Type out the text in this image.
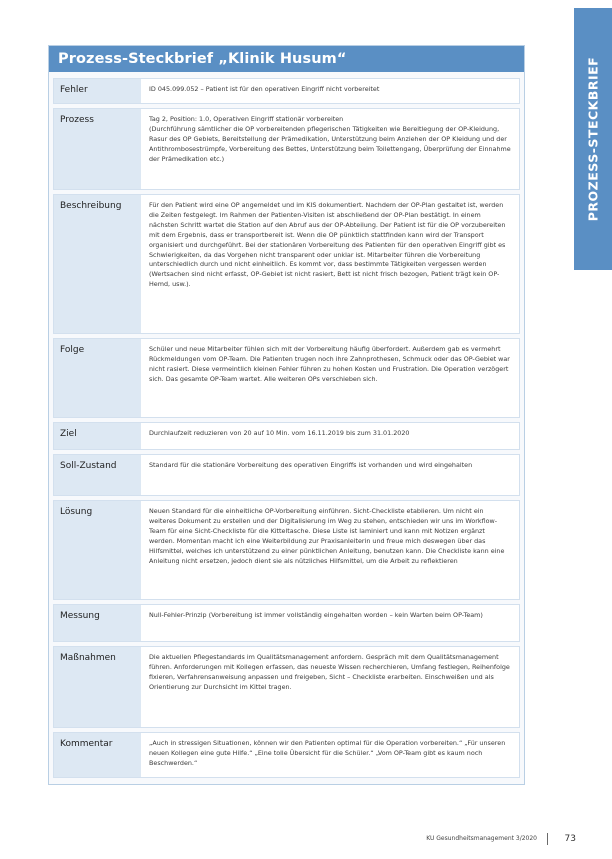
PROZESS-STECKBRIEF
Prozess-Steckbrief „Klinik Husum“
Fehler	ID 045.099.052 – Patient ist für den operativen Eingriff nicht vorbereitet
Prozess	Tag 2, Position: 1.0, Operativen Eingriff stationär vorbereiten
(Durchführung sämtlicher die OP vorbereitenden pflegerischen Tätigkeiten wie Bereitlegung der OP-Kleidung, Rasur des OP Gebiets, Bereitstellung der Prämedikation, Unterstützung beim Anziehen der OP Kleidung und der Antithrombosestrümpfe, Vorbereitung des Bettes, Unterstützung beim Toilettengang, Überprüfung der Einnahme der Prämedikation etc.)
Beschreibung	Für den Patient wird eine OP angemeldet und im KIS dokumentiert. Nachdem der OP-Plan gestaltet ist, werden die Zeiten festgelegt. Im Rahmen der Patienten-Visiten ist abschließend der OP-Plan bestätigt. In einem nächsten Schritt wartet die Station auf den Abruf aus der OP-Abteilung. Der Patient ist für die OP vorzubereiten mit dem Ergebnis, dass er transportbereit ist. Wenn die OP pünktlich stattfinden kann wird der Transport organisiert und durchgeführt. Bei der stationären Vorbereitung des Patienten für den operativen Eingriff gibt es Schwierigkeiten, da das Vorgehen nicht transparent oder unklar ist. Mitarbeiter führen die Vorbereitung unterschiedlich durch und nicht einheitlich. Es kommt vor, dass bestimmte Tätigkeiten vergessen werden (Wertsachen sind nicht erfasst, OP-Gebiet ist nicht rasiert, Bett ist nicht frisch bezogen, Patient trägt kein OP-Hemd, usw.).
Folge	Schüler und neue Mitarbeiter fühlen sich mit der Vorbereitung häufig überfordert. Außerdem gab es vermehrt Rückmeldungen vom OP-Team. Die Patienten trugen noch ihre Zahnprothesen, Schmuck oder das OP-Gebiet war nicht rasiert. Diese vermeintlich kleinen Fehler führen zu hohen Kosten und Frustration. Die Operation verzögert sich. Das gesamte OP-Team wartet. Alle weiteren OPs verschieben sich.
Ziel	Durchlaufzeit reduzieren von 20 auf 10 Min. vom 16.11.2019 bis zum 31.01.2020
Soll-Zustand	Standard für die stationäre Vorbereitung des operativen Eingriffs ist vorhanden und wird eingehalten
Lösung	Neuen Standard für die einheitliche OP-Vorbereitung einführen. Sicht-Checkliste etablieren. Um nicht ein weiteres Dokument zu erstellen und der Digitalisierung im Weg zu stehen, entschieden wir uns im Workflow-Team für eine Sicht-Checkliste für die Kitteltasche. Diese Liste ist laminiert und kann mit Notizen ergänzt werden. Momentan macht ich eine Weiterbildung zur Praxisanleiterin und freue mich deswegen über das Hilfsmittel, welches ich unterstützend zu einer pünktlichen Anleitung, benutzen kann. Die Checkliste kann eine Anleitung nicht ersetzen, jedoch dient sie als nützliches Hilfsmittel, um die Arbeit zu reflektieren
Messung	Null-Fehler-Prinzip (Vorbereitung ist immer vollständig eingehalten worden – kein Warten beim OP-Team)
Maßnahmen	Die aktuellen Pflegestandards im Qualitätsmanagement anfordern. Gespräch mit dem Qualitätsmanagement führen. Anforderungen mit Kollegen erfassen, das neueste Wissen recherchieren, Umfang festlegen, Reihenfolge fixieren, Verfahrensanweisung anpassen und freigeben, Sicht – Checkliste erarbeiten. Einschweißen und als Orientierung zur Durchsicht im Kittel tragen.
Kommentar	„Auch in stressigen Situationen, können wir den Patienten optimal für die Operation vorbereiten.“ „Für unseren neuen Kollegen eine gute Hilfe.“ „Eine tolle Übersicht für die Schüler.“ „Vom OP-Team gibt es kaum noch Beschwerden.“
KU Gesundheitsmanagement 3/2020	73
